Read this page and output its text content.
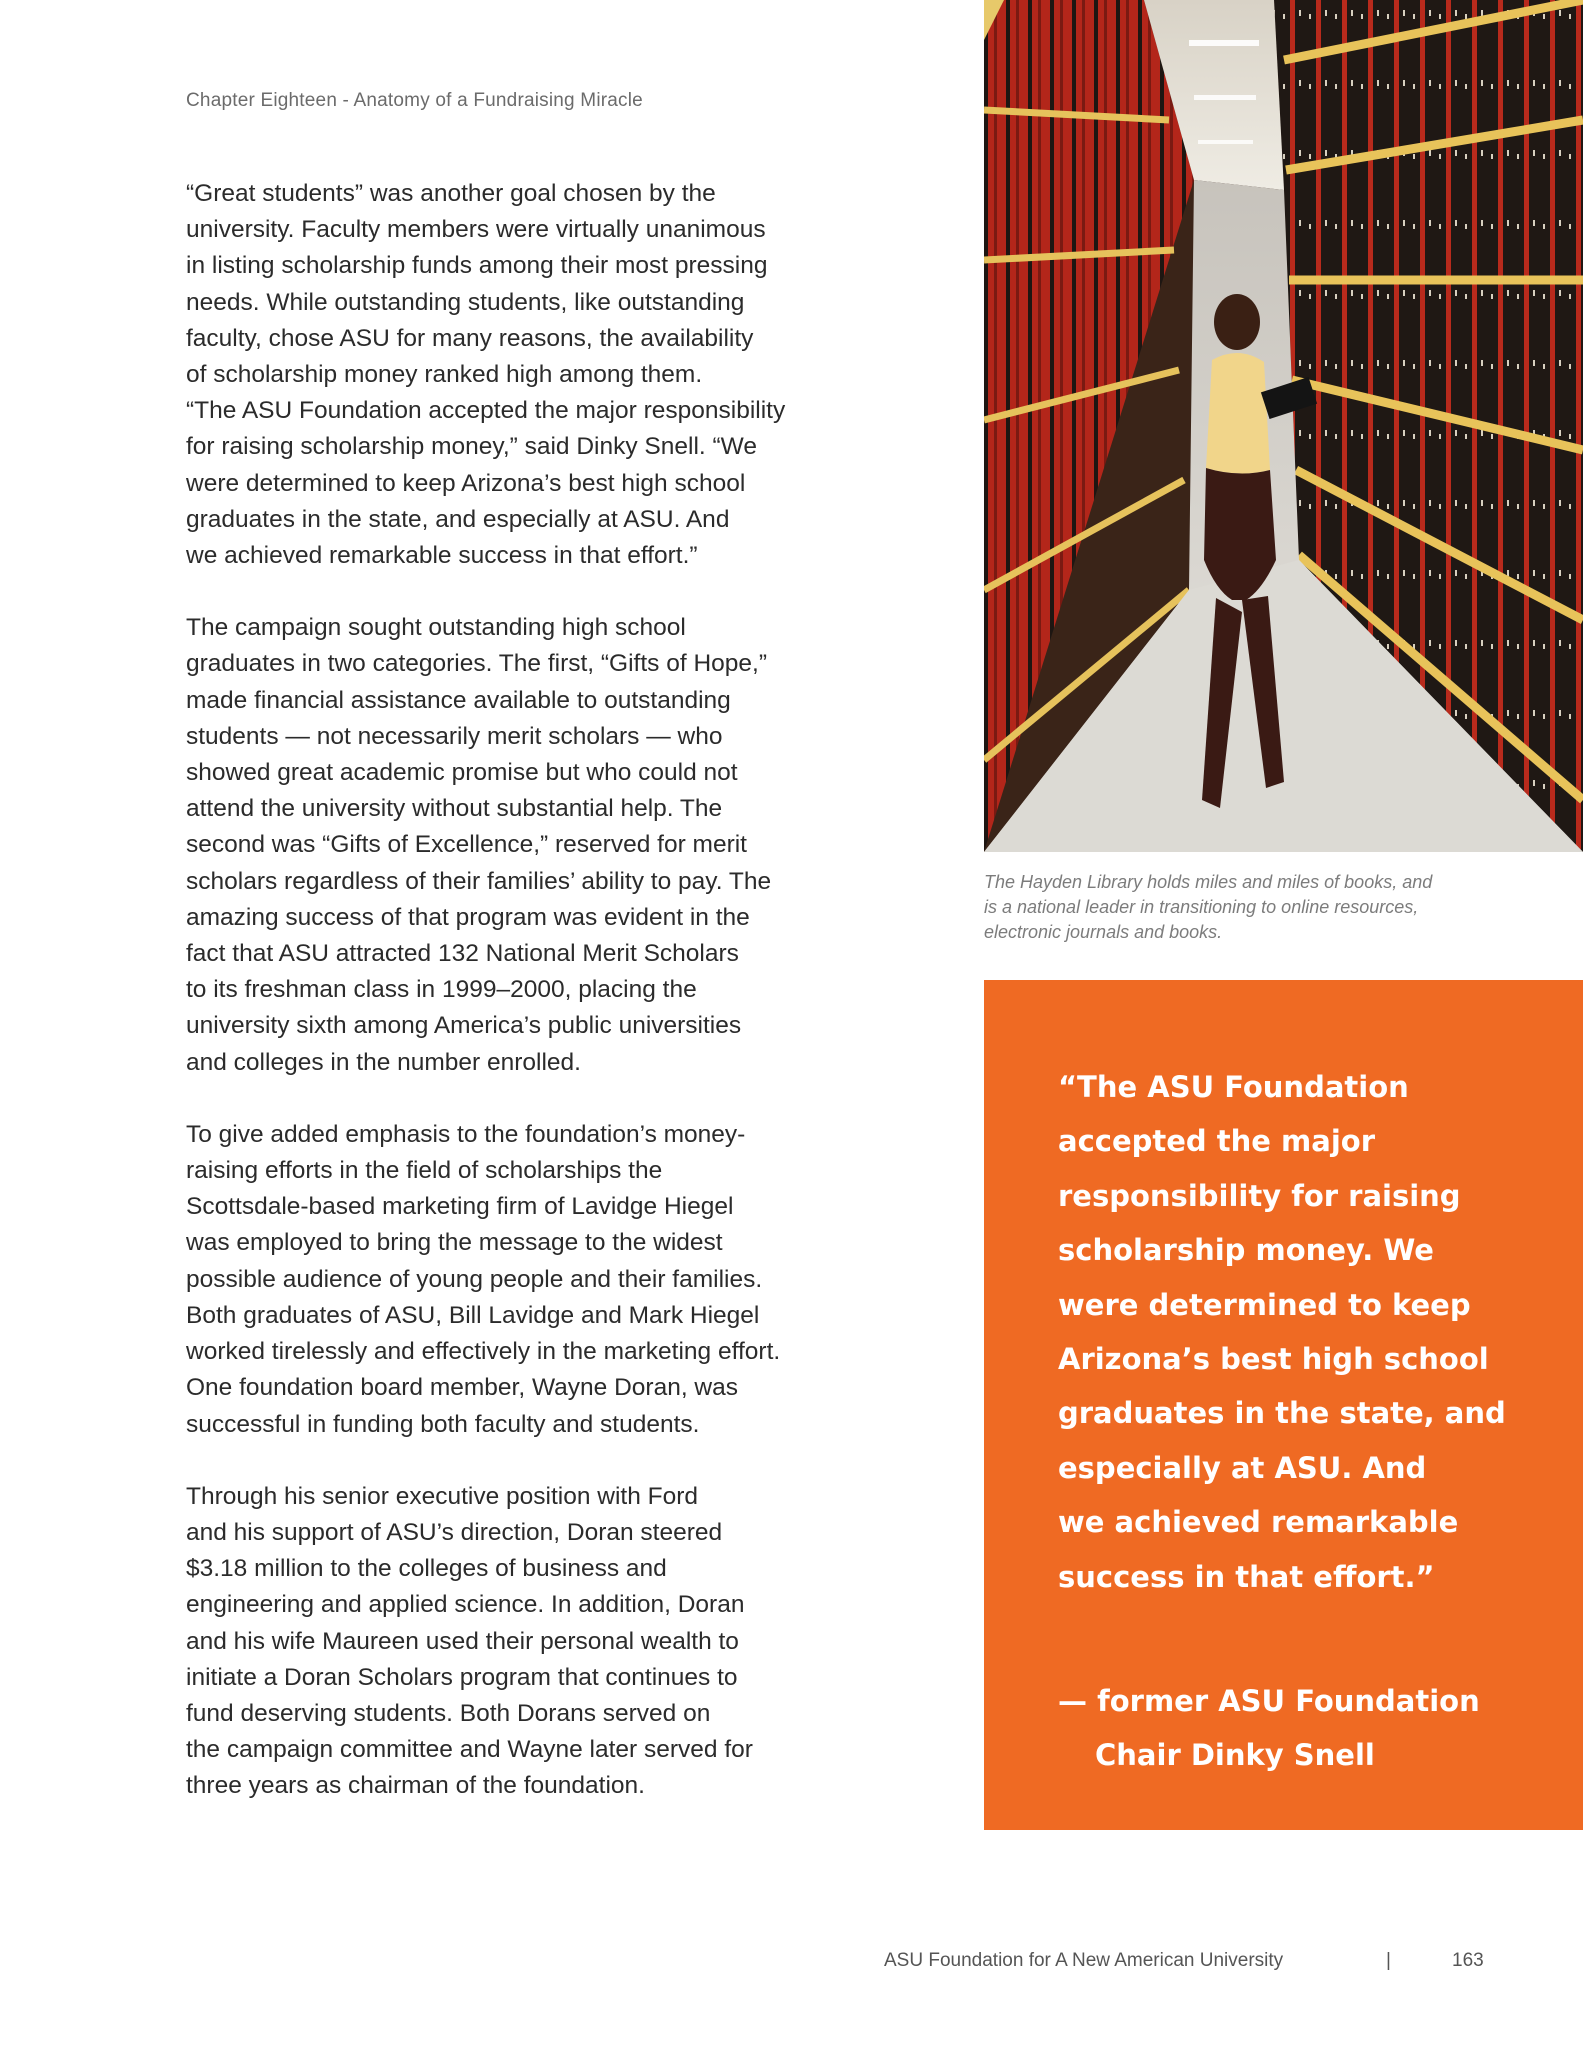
Chapter Eighteen - Anatomy of a Fundraising Miracle

“Great students” was another goal chosen by the
university. Faculty members were virtually unanimous
in listing scholarship funds among their most pressing
needs. While outstanding students, like outstanding
faculty, chose ASU for many reasons, the availability
of scholarship money ranked high among them.
“The ASU Foundation accepted the major responsibility
for raising scholarship money,” said Dinky Snell. “We
were determined to keep Arizona’s best high school
graduates in the state, and especially at ASU. And
we achieved remarkable success in that effort.”

The campaign sought outstanding high school
graduates in two categories. The first, “Gifts of Hope,”
made financial assistance available to outstanding
students — not necessarily merit scholars — who
showed great academic promise but who could not
attend the university without substantial help. The
second was “Gifts of Excellence,” reserved for merit
scholars regardless of their families’ ability to pay. The
amazing success of that program was evident in the
fact that ASU attracted 132 National Merit Scholars
to its freshman class in 1999–2000, placing the
university sixth among America’s public universities
and colleges in the number enrolled.

To give added emphasis to the foundation’s money-
raising efforts in the field of scholarships the
Scottsdale-based marketing firm of Lavidge Hiegel
was employed to bring the message to the widest
possible audience of young people and their families.
Both graduates of ASU, Bill Lavidge and Mark Hiegel
worked tirelessly and effectively in the marketing effort.
One foundation board member, Wayne Doran, was
successful in funding both faculty and students.

Through his senior executive position with Ford
and his support of ASU’s direction, Doran steered
$3.18 million to the colleges of business and
engineering and applied science. In addition, Doran
and his wife Maureen used their personal wealth to
initiate a Doran Scholars program that continues to
fund deserving students. Both Dorans served on
the campaign committee and Wayne later served for
three years as chairman of the foundation.

The Hayden Library holds miles and miles of books, and
is a national leader in transitioning to online resources,
electronic journals and books.

“The ASU Foundation
accepted the major
responsibility for raising
scholarship money. We
were determined to keep
Arizona’s best high school
graduates in the state, and
especially at ASU. And
we achieved remarkable
success in that effort.”

— former ASU Foundation
Chair Dinky Snell
ASU Foundation for A New American University	|	163
